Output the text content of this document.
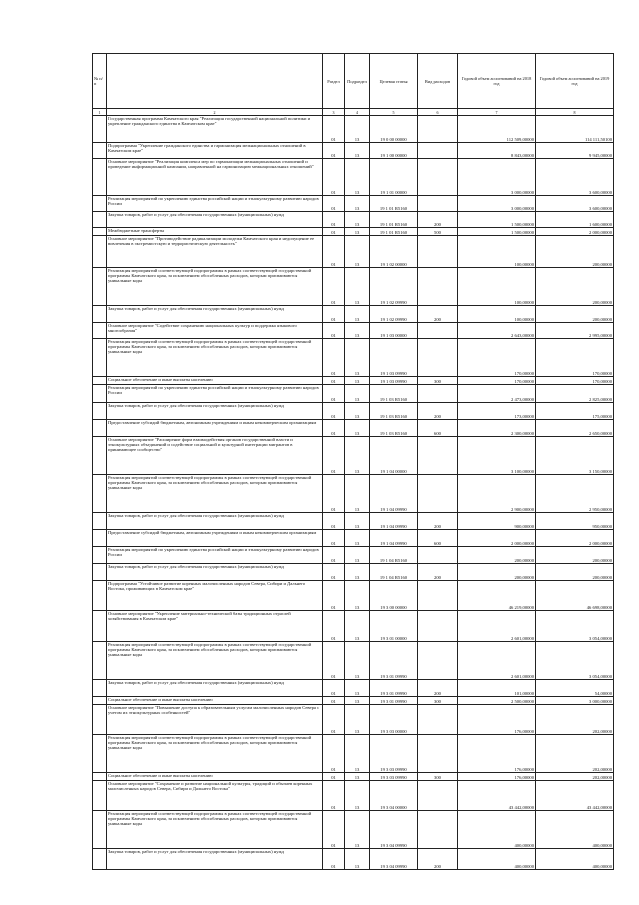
№ п/п		Раздел	Подраздел	Целевая статья	Вид расходов	Годовой объем ассигнований на 2018 год	Годовой объем ассигнований на 2019 год
1	2	3	4	5	6	7	8
	Государственная программа Камчатского края "Реализация государственной национальной политики и укрепление гражданского единства в Камчатском крае"	01	13	19 0 00 00000		112 509,00000	114 111,50100
	Подпрограмма "Укрепление гражданского единства и гармонизация межнациональных отношений в Камчатском крае"	01	13	19 1 00 00000		8 843,00000	9 945,00000
	Основное мероприятие "Реализация комплекса мер по гармонизации межнациональных отношений и проведение информационной кампании, направленной на гармонизацию межнациональных отношений"	01	13	19 1 01 00000		3 000,00000	3 600,00000
	Реализация мероприятий по укреплению единства российской нации и этнокультурному развитию народов России	01	13	19 1 01 R5160		3 000,00000	3 600,00000
	Закупка товаров, работ и услуг для обеспечения государственных (муниципальных) нужд	01	13	19 1 01 R5160	200	1 500,00000	1 600,00000
	Межбюджетные трансферты	01	13	19 1 01 R5160	500	1 500,00000	2 000,00000
	Основное мероприятие "Противодействие радикализации молодежи Камчатского края и недопущение ее вовлечения в экстремистскую и террористическую деятельность"	01	13	19 1 02 00000		100,00000	200,00000
	Реализация мероприятий соответствующей подпрограммы в рамках соответствующей государственной программы Камчатского края, за исключением обособленных расходов, которым присваиваются уникальные коды	01	13	19 1 02 09990		100,00000	200,00000
	Закупка товаров, работ и услуг для обеспечения государственных (муниципальных) нужд	01	13	19 1 02 09990	200	100,00000	200,00000
	Основное мероприятие "Содействие сохранению национальных культур и поддержка языкового многообразия"	01	13	19 1 03 00000		2 643,00000	2 995,00000
	Реализация мероприятий соответствующей подпрограммы в рамках соответствующей государственной программы Камчатского края, за исключением обособленных расходов, которым присваиваются уникальные коды	01	13	19 1 03 09990		170,00000	170,00000
	Социальное обеспечение и иные выплаты населению	01	13	19 1 03 09990	300	170,00000	170,00000
	Реализация мероприятий по укреплению единства российской нации и этнокультурному развитию народов России	01	13	19 1 03 R5160		2 473,00000	2 825,00000
	Закупка товаров, работ и услуг для обеспечения государственных (муниципальных) нужд	01	13	19 1 03 R5160	200	173,00000	175,00000
	Предоставление субсидий бюджетным, автономным учреждениям и иным некоммерческим организациям	01	13	19 1 03 R5160	600	2 300,00000	2 650,00000
	Основное мероприятие "Расширение форм взаимодействия органов государственной власти и этнокультурных объединений и содействие социальной и культурной интеграции мигрантов в принимающее сообщество"	01	13	19 1 04 00000		3 100,00000	3 150,00000
	Реализация мероприятий соответствующей подпрограммы в рамках соответствующей государственной программы Камчатского края, за исключением обособленных расходов, которым присваиваются уникальные коды	01	13	19 1 04 09990		2 900,00000	2 950,00000
	Закупка товаров, работ и услуг для обеспечения государственных (муниципальных) нужд	01	13	19 1 04 09990	200	900,00000	950,00000
	Предоставление субсидий бюджетным, автономным учреждениям и иным некоммерческим организациям	01	13	19 1 04 09990	600	2 000,00000	2 000,00000
	Реализация мероприятий по укреплению единства российской нации и этнокультурному развитию народов России	01	13	19 1 04 R5160		200,00000	200,00000
	Закупка товаров, работ и услуг для обеспечения государственных (муниципальных) нужд	01	13	19 1 04 R5160	200	200,00000	200,00000
	Подпрограмма "Устойчивое развитие коренных малочисленных народов Севера, Сибири и Дальнего Востока, проживающих в Камчатском крае"	01	13	19 3 00 00000		46 219,00000	46 698,00000
	Основное мероприятие "Укрепление материально-технической базы традиционных отраслей хозяйствования в Камчатском крае"	01	13	19 3 01 00000		2 601,00000	3 054,00000
	Реализация мероприятий соответствующей подпрограммы в рамках соответствующей государственной программы Камчатского края, за исключением обособленных расходов, которым присваиваются уникальные коды	01	13	19 3 01 09990		2 601,00000	3 054,00000
	Закупка товаров, работ и услуг для обеспечения государственных (муниципальных) нужд	01	13	19 3 01 09990	200	101,00000	54,00000
	Социальное обеспечение и иные выплаты населению	01	13	19 3 01 09990	300	2 500,00000	3 000,00000
	Основное мероприятие "Повышение доступа к образовательным услугам малочисленных народов Севера с учетом их этнокультурных особенностей"	01	13	19 3 03 00000		176,00000	202,00000
	Реализация мероприятий соответствующей подпрограммы в рамках соответствующей государственной программы Камчатского края, за исключением обособленных расходов, которым присваиваются уникальные коды	01	13	19 3 03 09990		176,00000	202,00000
	Социальное обеспечение и иные выплаты населению	01	13	19 3 03 09990	300	176,00000	202,00000
	Основное мероприятие "Сохранение и развитие национальной культуры, традиций и обычаев коренных малочисленных народов Севера, Сибири и Дальнего Востока"	01	13	19 3 04 00000		43 442,00000	43 442,00000
	Реализация мероприятий соответствующей подпрограммы в рамках соответствующей государственной программы Камчатского края, за исключением обособленных расходов, которым присваиваются уникальные коды	01	13	19 3 04 09990		400,00000	400,00000
	Закупка товаров, работ и услуг для обеспечения государственных (муниципальных) нужд	01	13	19 3 04 09990	200	400,00000	400,00000
